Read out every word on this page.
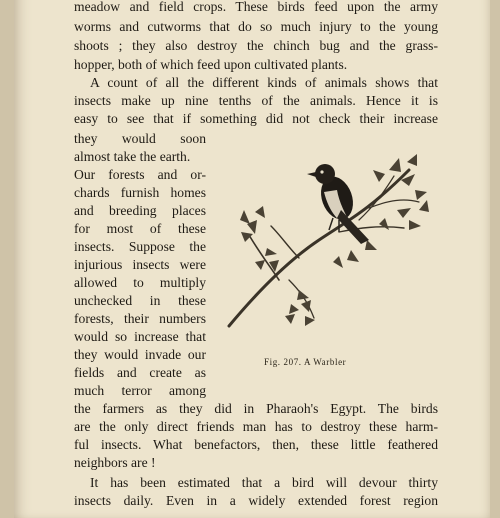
meadow and field crops. These birds feed upon the army
worms and cutworms that do so much injury to the young
shoots ; they also destroy the chinch bug and the grass-
hopper, both of which feed upon cultivated plants.
A count of all the different kinds of animals shows that
insects make up nine tenths of the animals. Hence it is
easy to see that if something did not check their increase
they would soon
almost take the earth.
Our forests and or-
chards furnish homes
and breeding places
for most of these
insects. Suppose the
injurious insects were
allowed to multiply
unchecked in these
forests, their numbers
would so increase that
they would invade our
fields and create as
much terror among
the farmers as they did in Pharaoh's Egypt. The birds
are the only direct friends man has to destroy these harm-
ful insects. What benefactors, then, these little feathered
neighbors are !
It has been estimated that a bird will devour thirty
insects daily. Even in a widely extended forest region
Fig. 207. A Warbler
